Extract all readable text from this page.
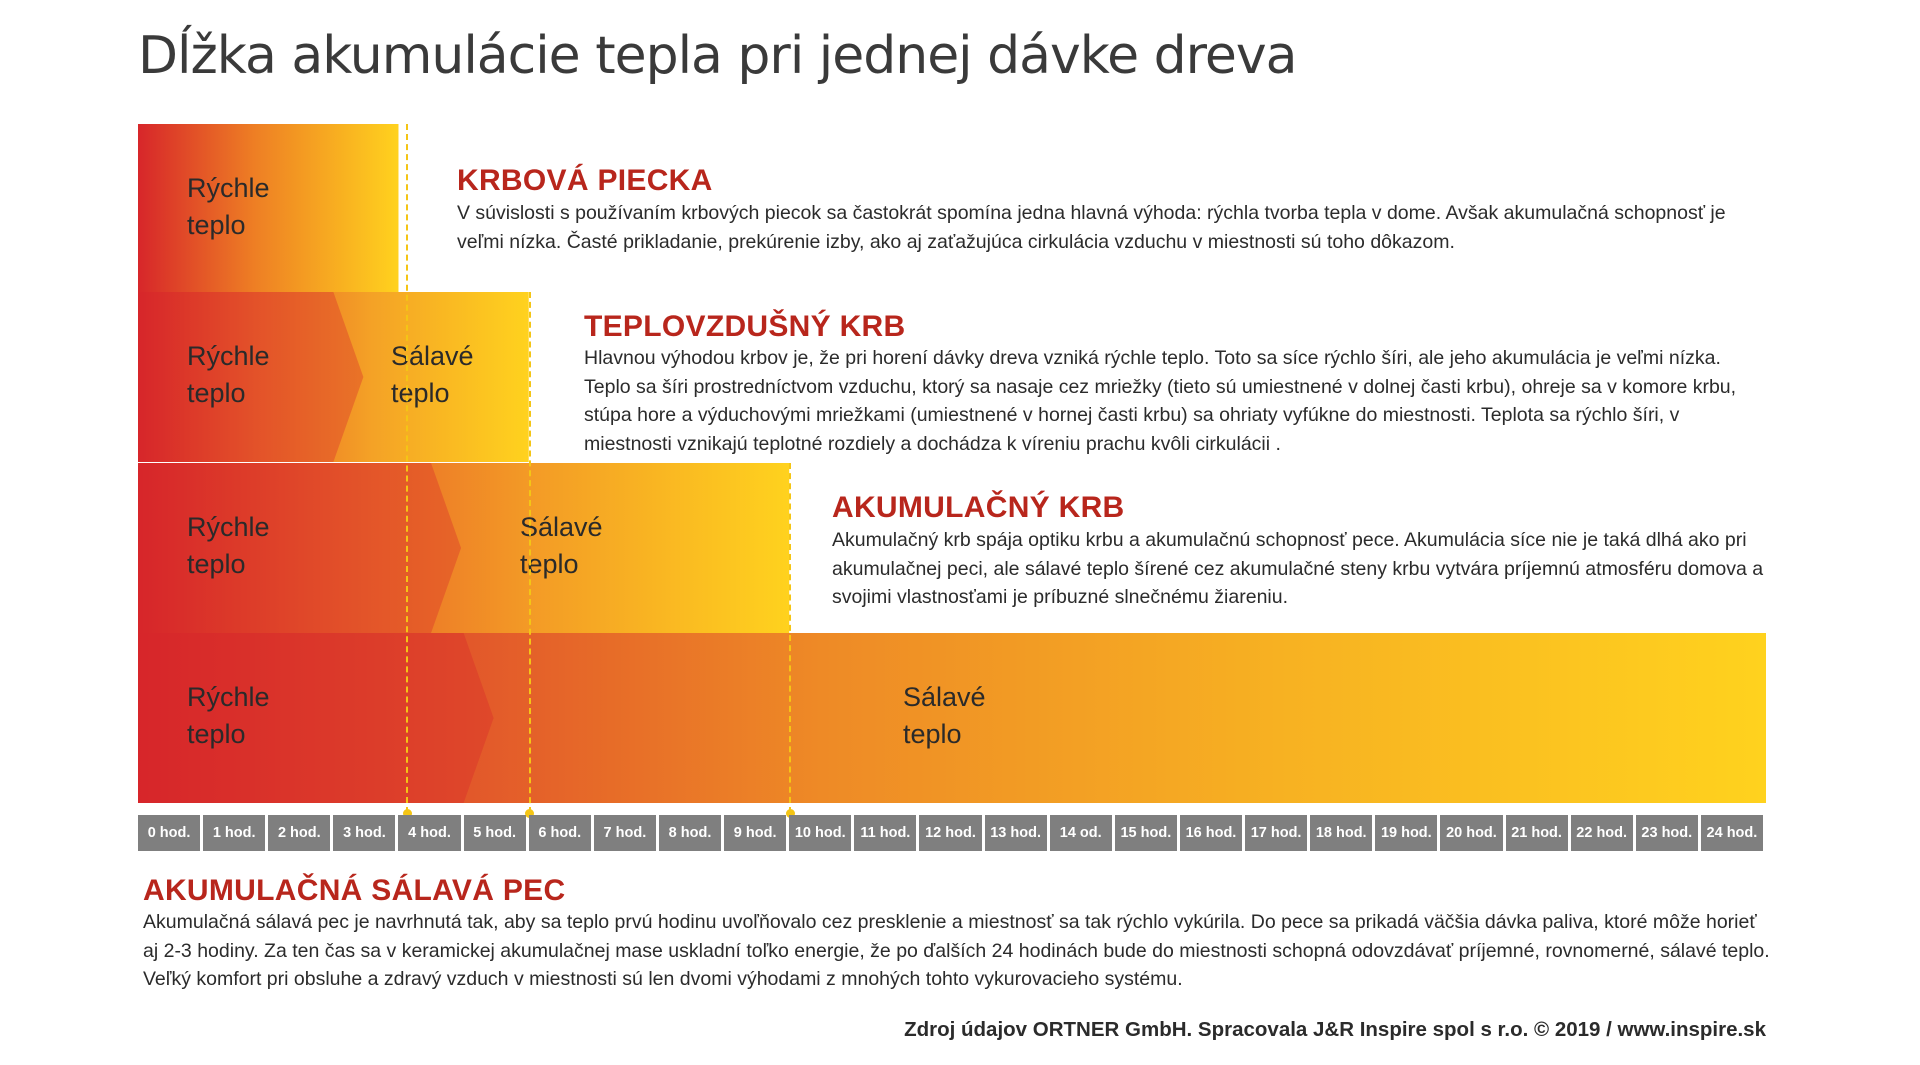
Dĺžka akumulácie tepla pri jednej dávke dreva
Rýchle
teplo
Rýchle
teplo
Sálavé
teplo
Rýchle
teplo
Sálavé
teplo
Rýchle
teplo
Sálavé
teplo
KRBOVÁ PIECKA

V súvislosti s používaním krbových piecok sa častokrát spomína jedna hlavná výhoda: rýchla tvorba tepla v dome. Avšak akumulačná schopnosť je veľmi nízka. Časté prikladanie, prekúrenie izby, ako aj zaťažujúca cirkulácia vzduchu v miestnosti sú toho dôkazom.

TEPLOVZDUŠNÝ KRB

Hlavnou výhodou krbov je, že pri horení dávky dreva vzniká rýchle teplo. Toto sa síce rýchlo šíri, ale jeho akumulácia je veľmi nízka. Teplo sa šíri prostredníctvom vzduchu, ktorý sa nasaje cez mriežky (tieto sú umiestnené v dolnej časti krbu), ohreje sa v komore krbu, stúpa hore a výduchovými mriežkami (umiestnené v hornej časti krbu) sa ohriaty vyfúkne do miestnosti. Teplota sa rýchlo šíri, v miestnosti vznikajú teplotné rozdiely a dochádza k víreniu prachu kvôli cirkulácii .

AKUMULAČNÝ KRB

Akumulačný krb spája optiku krbu a akumulačnú schopnosť pece. Akumulácia síce nie je taká dlhá ako pri akumulačnej peci, ale sálavé teplo šírené cez akumulačné steny krbu vytvára príjemnú atmosféru domova a svojimi vlastnosťami je príbuzné slnečnému žiareniu.

0 hod.	1 hod.	2 hod.	3 hod.	4 hod.	5 hod.	6 hod.	7 hod.	8 hod.	9 hod.	10 hod.	11 hod.	12 hod. 13 hod.	14 od.	15 hod. 16 hod. 17 hod. 18 hod. 19 hod. 20 hod. 21 hod. 22 hod. 23 hod. 24 hod.
AKUMULAČNÁ SÁLAVÁ PEC

Akumulačná sálavá pec je navrhnutá tak, aby sa teplo prvú hodinu uvoľňovalo cez presklenie a miestnosť sa tak rýchlo vykúrila. Do pece sa prikadá väčšia dávka paliva, ktoré môže horieť aj 2-3 hodiny. Za ten čas sa v keramickej akumulačnej mase uskladní toľko energie, že po ďalších 24 hodinách bude do miestnosti schopná odovzdávať príjemné, rovnomerné, sálavé teplo. Veľký komfort pri obsluhe a zdravý vzduch v miestnosti sú len dvomi výhodami z mnohých tohto vykurovacieho systému.

Zdroj údajov ORTNER GmbH. Spracovala J&R Inspire spol s r.o. © 2019 / www.inspire.sk
